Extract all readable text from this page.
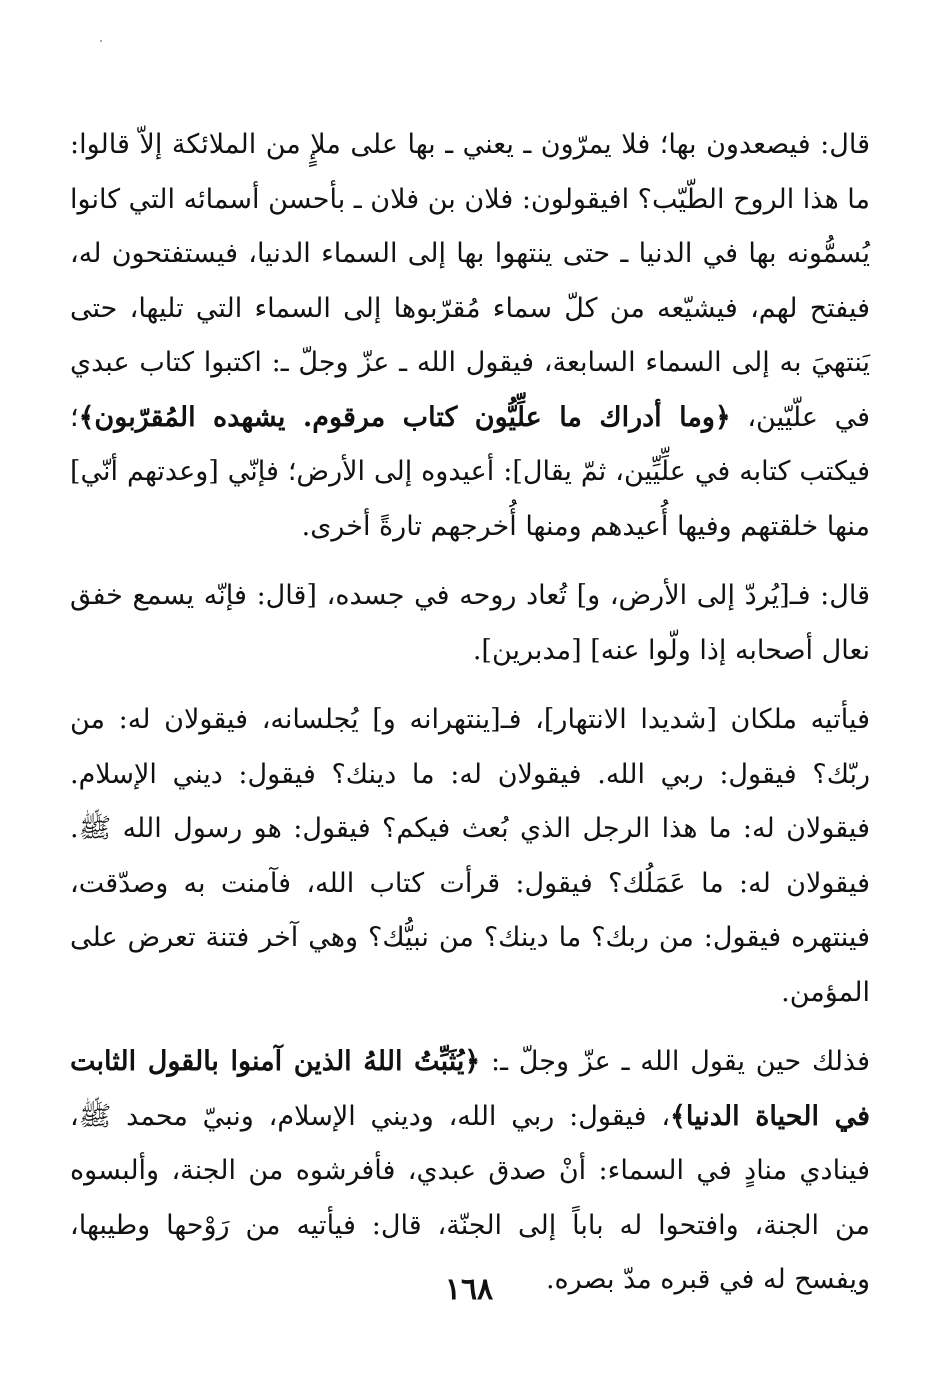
قال: فيصعدون بها؛ فلا يمرّون ـ يعني ـ بها على ملإٍ من الملائكة إلاّ قالوا: ما هذا الروح الطّيّب؟ افيقولون: فلان بن فلان ـ بأحسن أسمائه التي كانوا يُسمُّونه بها في الدنيا ـ حتى ينتهوا بها إلى السماء الدنيا، فيستفتحون له، فيفتح لهم، فيشيّعه من كلّ سماء مُقرّبوها إلى السماء التي تليها، حتى يَنتهيَ به إلى السماء السابعة، فيقول الله ـ عزّ وجلّ ـ: اكتبوا كتاب عبدي في علّيّين، ﴿وما أدراك ما علِّيُّون كتاب مرقوم. يشهده المُقرّبون﴾؛ فيكتب كتابه في علِّيِّين، ثمّ يقال]: أعيدوه إلى الأرض؛ فإنّي [وعدتهم أنّي] منها خلقتهم وفيها أُعيدهم ومنها أُخرجهم تارةً أخرى.

قال: فـ[يُردّ إلى الأرض، و] تُعاد روحه في جسده، [قال: فإنّه يسمع خفق نعال أصحابه إذا ولّوا عنه] [مدبرين].

فيأتيه ملكان [شديدا الانتهار]، فـ[ينتهرانه و] يُجلسانه، فيقولان له: من ربّك؟ فيقول: ربي الله. فيقولان له: ما دينك؟ فيقول: ديني الإسلام. فيقولان له: ما هذا الرجل الذي بُعث فيكم؟ فيقول: هو رسول الله ﷺ. فيقولان له: ما عَمَلُك؟ فيقول: قرأت كتاب الله، فآمنت به وصدّقت، فينتهره فيقول: من ربك؟ ما دينك؟ من نبيُّك؟ وهي آخر فتنة تعرض على المؤمن.

فذلك حين يقول الله ـ عزّ وجلّ ـ: ﴿يُثَبِّتُ اللهُ الذين آمنوا بالقول الثابت في الحياة الدنيا﴾، فيقول: ربي الله، وديني الإسلام، ونبيّ محمد ﷺ، فينادي منادٍ في السماء: أنْ صدق عبدي، فأفرشوه من الجنة، وألبسوه من الجنة، وافتحوا له باباً إلى الجنّة، قال: فيأتيه من رَوْحها وطيبها، ويفسح له في قبره مدّ بصره.

١٦٨
